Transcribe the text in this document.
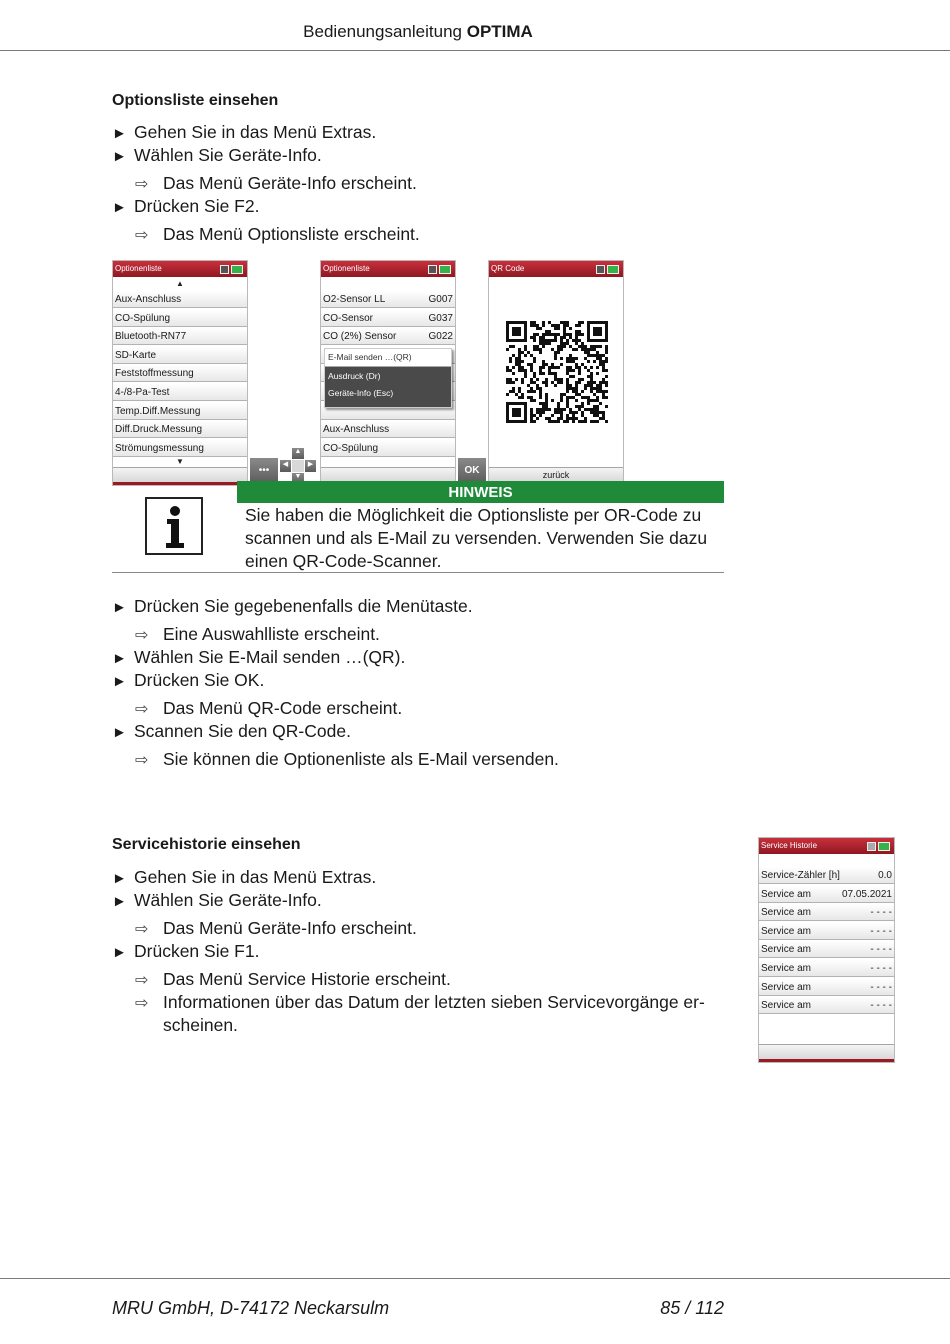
Bedienungsanleitung OPTIMA
Optionsliste einsehen
► Gehen Sie in das Menü Extras.
► Wählen Sie Geräte-Info.
⇨ Das Menü Geräte-Info erscheint.
► Drücken Sie F2.
⇨ Das Menü Optionsliste erscheint.
Optionenliste
▲
Aux-Anschluss
CO-Spülung
Bluetooth-RN77
SD-Karte
Feststoffmessung
4-/8-Pa-Test
Temp.Diff.Messung
Diff.Druck.Messung
Strömungsmessung
▼
•••
▲
◀	▶
▼
Optionenliste
O2-Sensor LL	G007
CO-Sensor	G037
CO (2%) Sensor	G022
Aux-Anschluss
CO-Spülung
E-Mail senden …(QR)
Ausdruck (Dr)
Geräte-Info (Esc)
OK
QR Code
zurück
HINWEIS
Sie haben die Möglichkeit die Optionsliste per OR-Code zu scannen und als E-Mail zu versenden. Verwenden Sie dazu einen QR-Code-Scanner.
► Drücken Sie gegebenenfalls die Menütaste.
⇨ Eine Auswahlliste erscheint.
► Wählen Sie E-Mail senden …(QR).
► Drücken Sie OK.
⇨ Das Menü QR-Code erscheint.
► Scannen Sie den QR-Code.
⇨ Sie können die Optionenliste als E-Mail versenden.
Servicehistorie einsehen
► Gehen Sie in das Menü Extras.
► Wählen Sie Geräte-Info.
⇨ Das Menü Geräte-Info erscheint.
► Drücken Sie F1.
⇨ Das Menü Service Historie erscheint.
⇨ Informationen über das Datum der letzten sieben Servicevorgänge er-
scheinen.
Service Historie
Service-Zähler [h]	0.0
Service am	07.05.2021
Service am	- - - -
Service am	- - - -
Service am	- - - -
Service am	- - - -
Service am	- - - -
Service am	- - - -
MRU GmbH, D-74172 Neckarsulm	85 / 112
